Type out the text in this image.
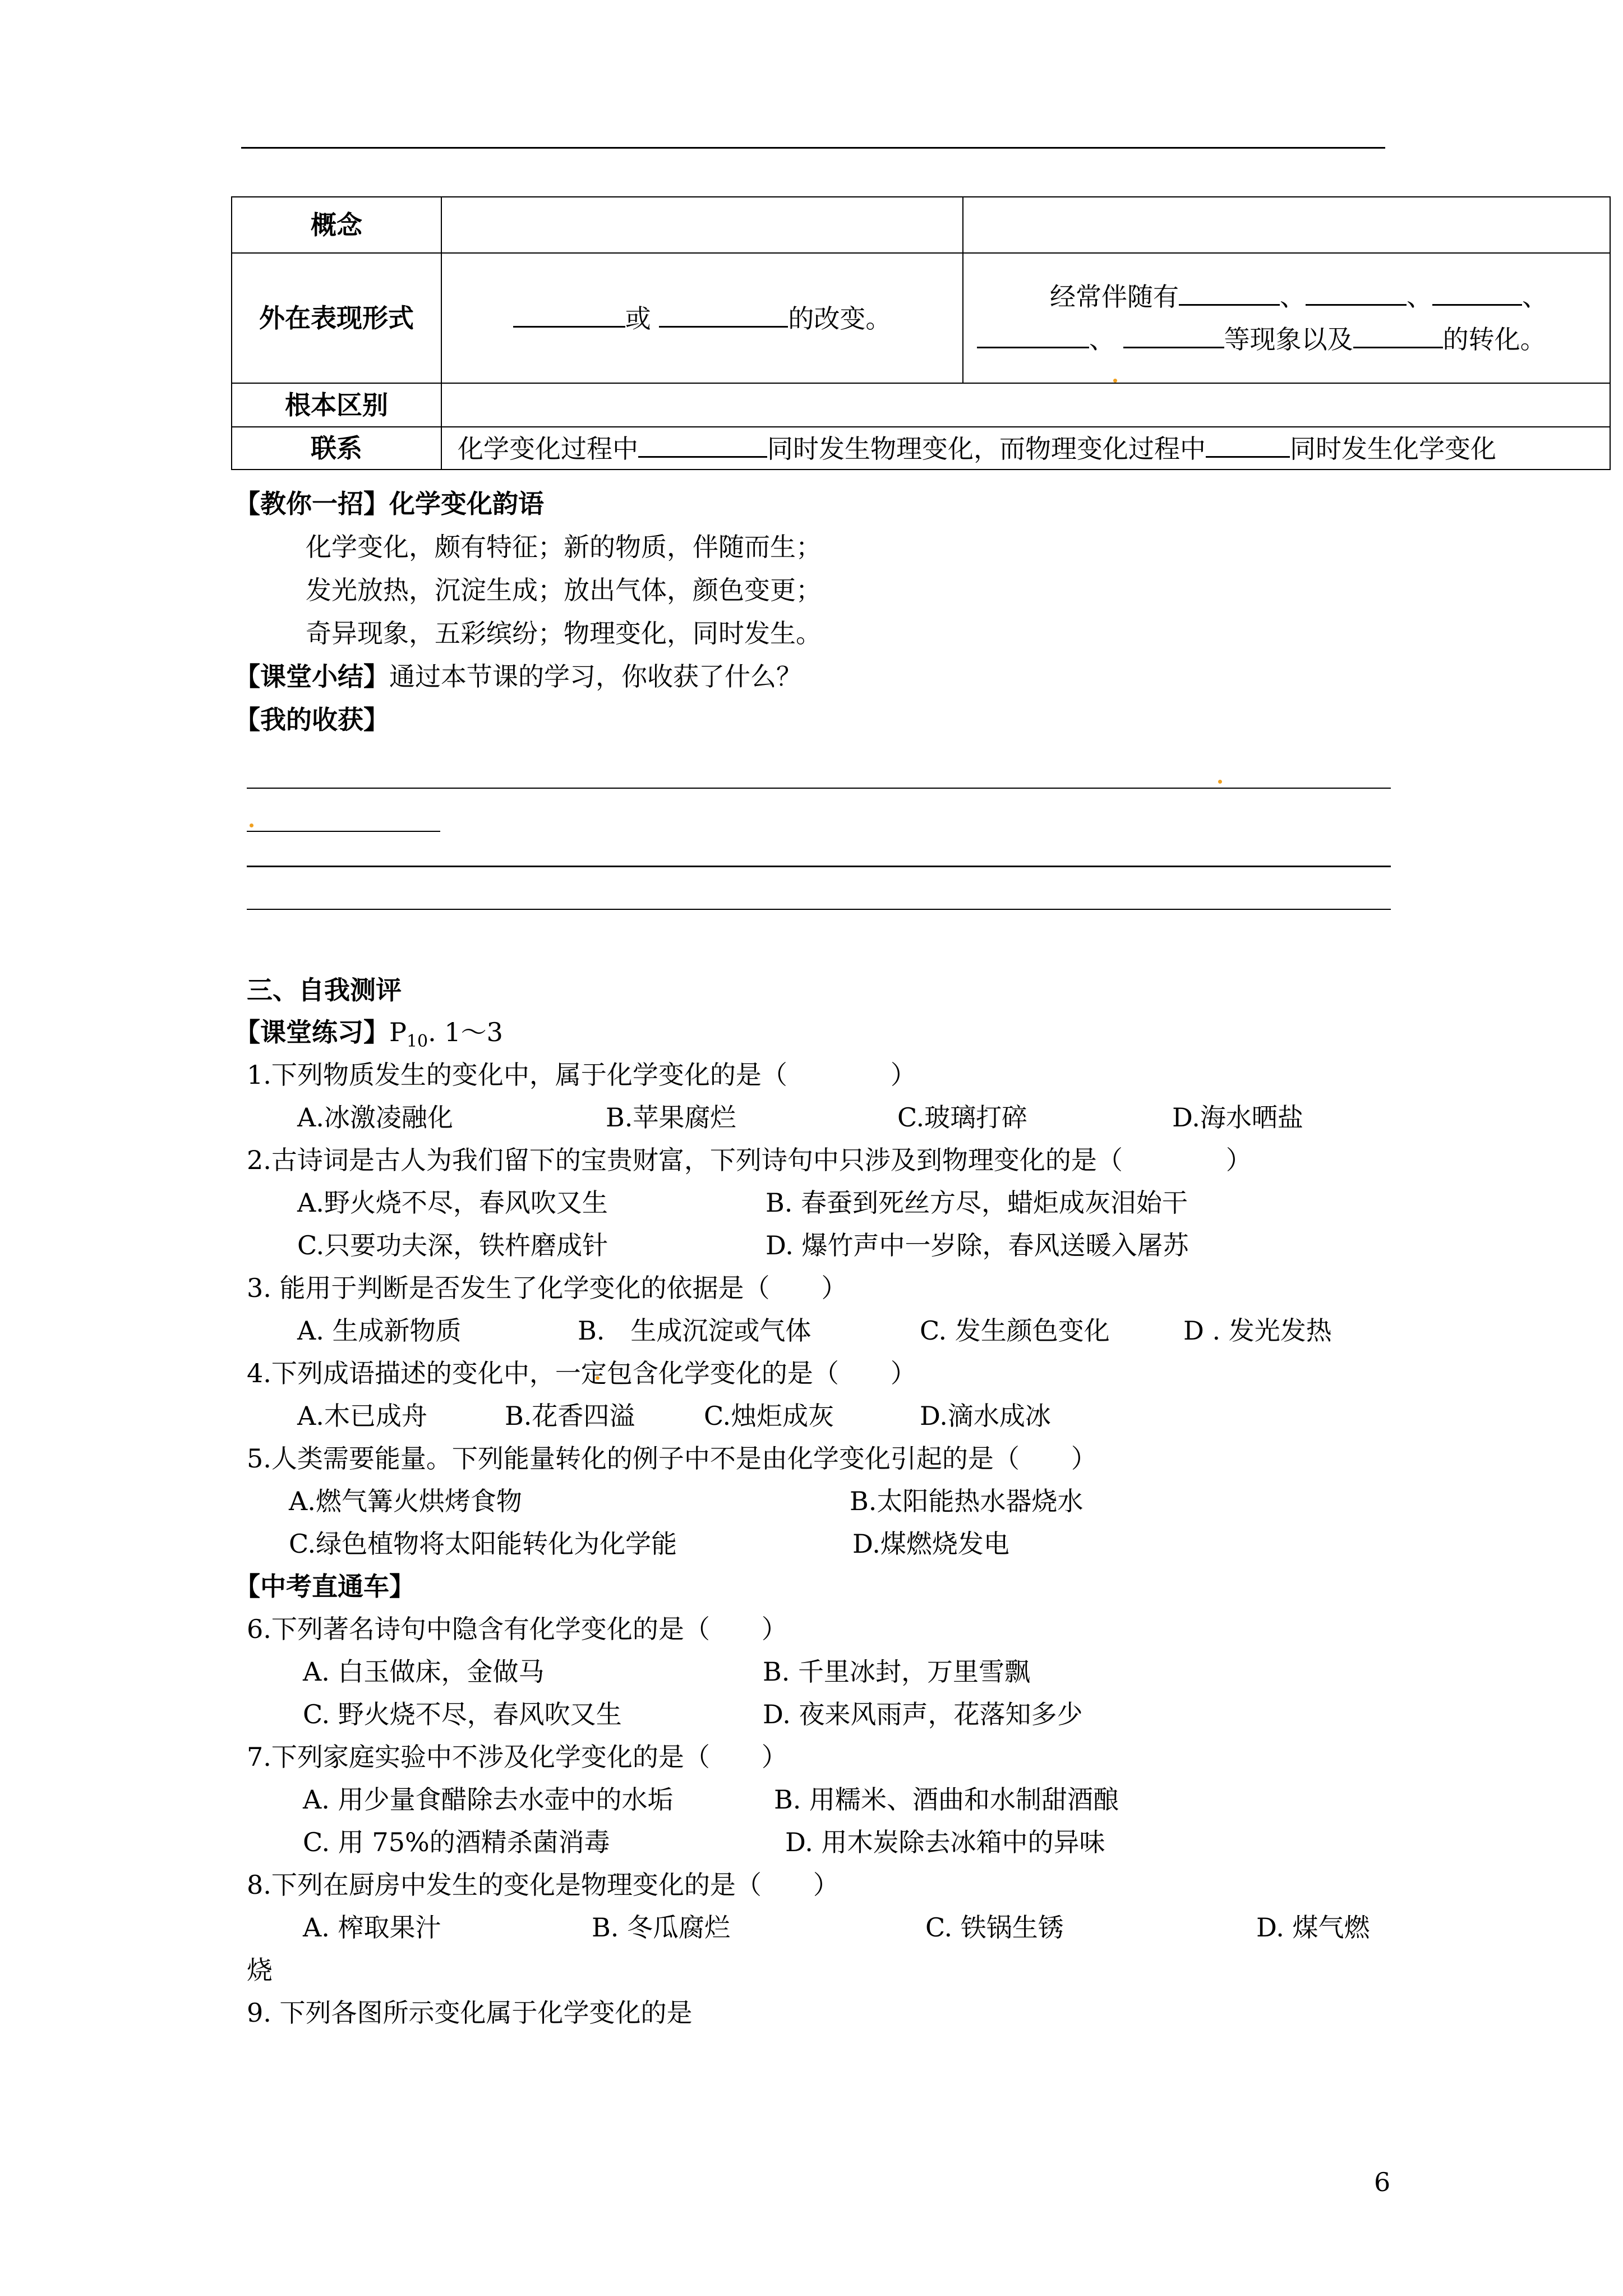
概念		
外在表现形式	或 的改变。	经常伴随有 、 、 、
、 等现象以及 的转化。

根本区别		
联系	化学变化过程中 同时发生物理变化，而物理变化过程中 同时发生化学变化	
【教你一招】化学变化韵语
化学变化，颇有特征；新的物质，伴随而生；
发光放热，沉淀生成；放出气体，颜色变更；
奇异现象，五彩缤纷；物理变化，同时发生。
【课堂小结】通过本节课的学习，你收获了什么？
【我的收获】
三、自我测评
【课堂练习】$P_{10}$. 1～3
1.下列物质发生的变化中，属于化学变化的是（　　　　）
A.冰激凌融化	B.苹果腐烂	C.玻璃打碎	D.海水晒盐
2.古诗词是古人为我们留下的宝贵财富，下列诗句中只涉及到物理变化的是（　　　　）
A.野火烧不尽，春风吹又生	B. 春蚕到死丝方尽，蜡炬成灰泪始干
C.只要功夫深，铁杵磨成针	D. 爆竹声中一岁除，春风送暖入屠苏
3. 能用于判断是否发生了化学变化的依据是（　　）
A. 生成新物质	B.　生成沉淀或气体	C. 发生颜色变化	D . 发光发热
4.下列成语描述的变化中，一定包含化学变化的是（　　）
A.木已成舟	B.花香四溢	C.烛炬成灰	D.滴水成冰
5.人类需要能量。下列能量转化的例子中不是由化学变化引起的是（　　）
A.燃气篝火烘烤食物	B.太阳能热水器烧水
C.绿色植物将太阳能转化为化学能	D.煤燃烧发电
【中考直通车】
6.下列著名诗句中隐含有化学变化的是（　　）
A. 白玉做床，金做马	B. 千里冰封，万里雪飘
C. 野火烧不尽，春风吹又生	D. 夜来风雨声，花落知多少
7.下列家庭实验中不涉及化学变化的是（　　）
A. 用少量食醋除去水壶中的水垢	B. 用糯米、酒曲和水制甜酒酿
C. 用 75%的酒精杀菌消毒	D. 用木炭除去冰箱中的异味
8.下列在厨房中发生的变化是物理变化的是（　　）
A. 榨取果汁	B. 冬瓜腐烂	C. 铁锅生锈	D. 煤气燃
烧
9. 下列各图所示变化属于化学变化的是
6
